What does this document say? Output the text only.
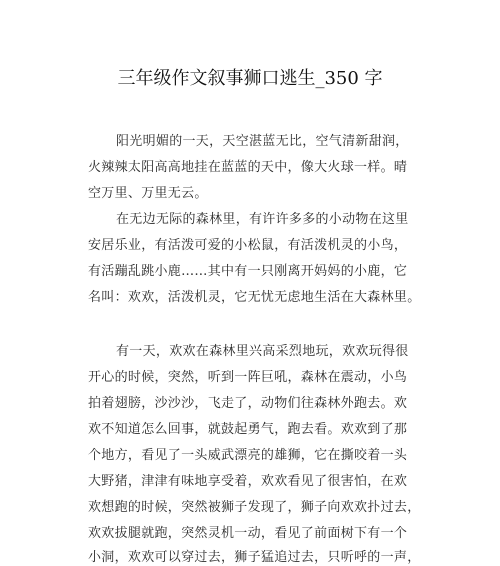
三年级作文叙事狮口逃生_350 字
阳光明媚的一天，天空湛蓝无比，空气清新甜润，
火辣辣太阳高高地挂在蓝蓝的天中，像大火球一样。晴
空万里、万里无云。
在无边无际的森林里，有许许多多的小动物在这里
安居乐业，有活泼可爱的小松鼠，有活泼机灵的小鸟，
有活蹦乱跳小鹿……其中有一只刚离开妈妈的小鹿，它
名叫：欢欢，活泼机灵，它无忧无虑地生活在大森林里。
有一天，欢欢在森林里兴高采烈地玩，欢欢玩得很
开心的时候，突然，听到一阵巨吼，森林在震动，小鸟
拍着翅膀，沙沙沙，飞走了，动物们往森林外跑去。欢
欢不知道怎么回事，就鼓起勇气，跑去看。欢欢到了那
个地方，看见了一头威武漂亮的雄狮，它在撕咬着一头
大野猪，津津有味地享受着，欢欢看见了很害怕，在欢
欢想跑的时候，突然被狮子发现了，狮子向欢欢扑过去，
欢欢拔腿就跑，突然灵机一动，看见了前面树下有一个
小洞，欢欢可以穿过去，狮子猛追过去，只听呼的一声，
